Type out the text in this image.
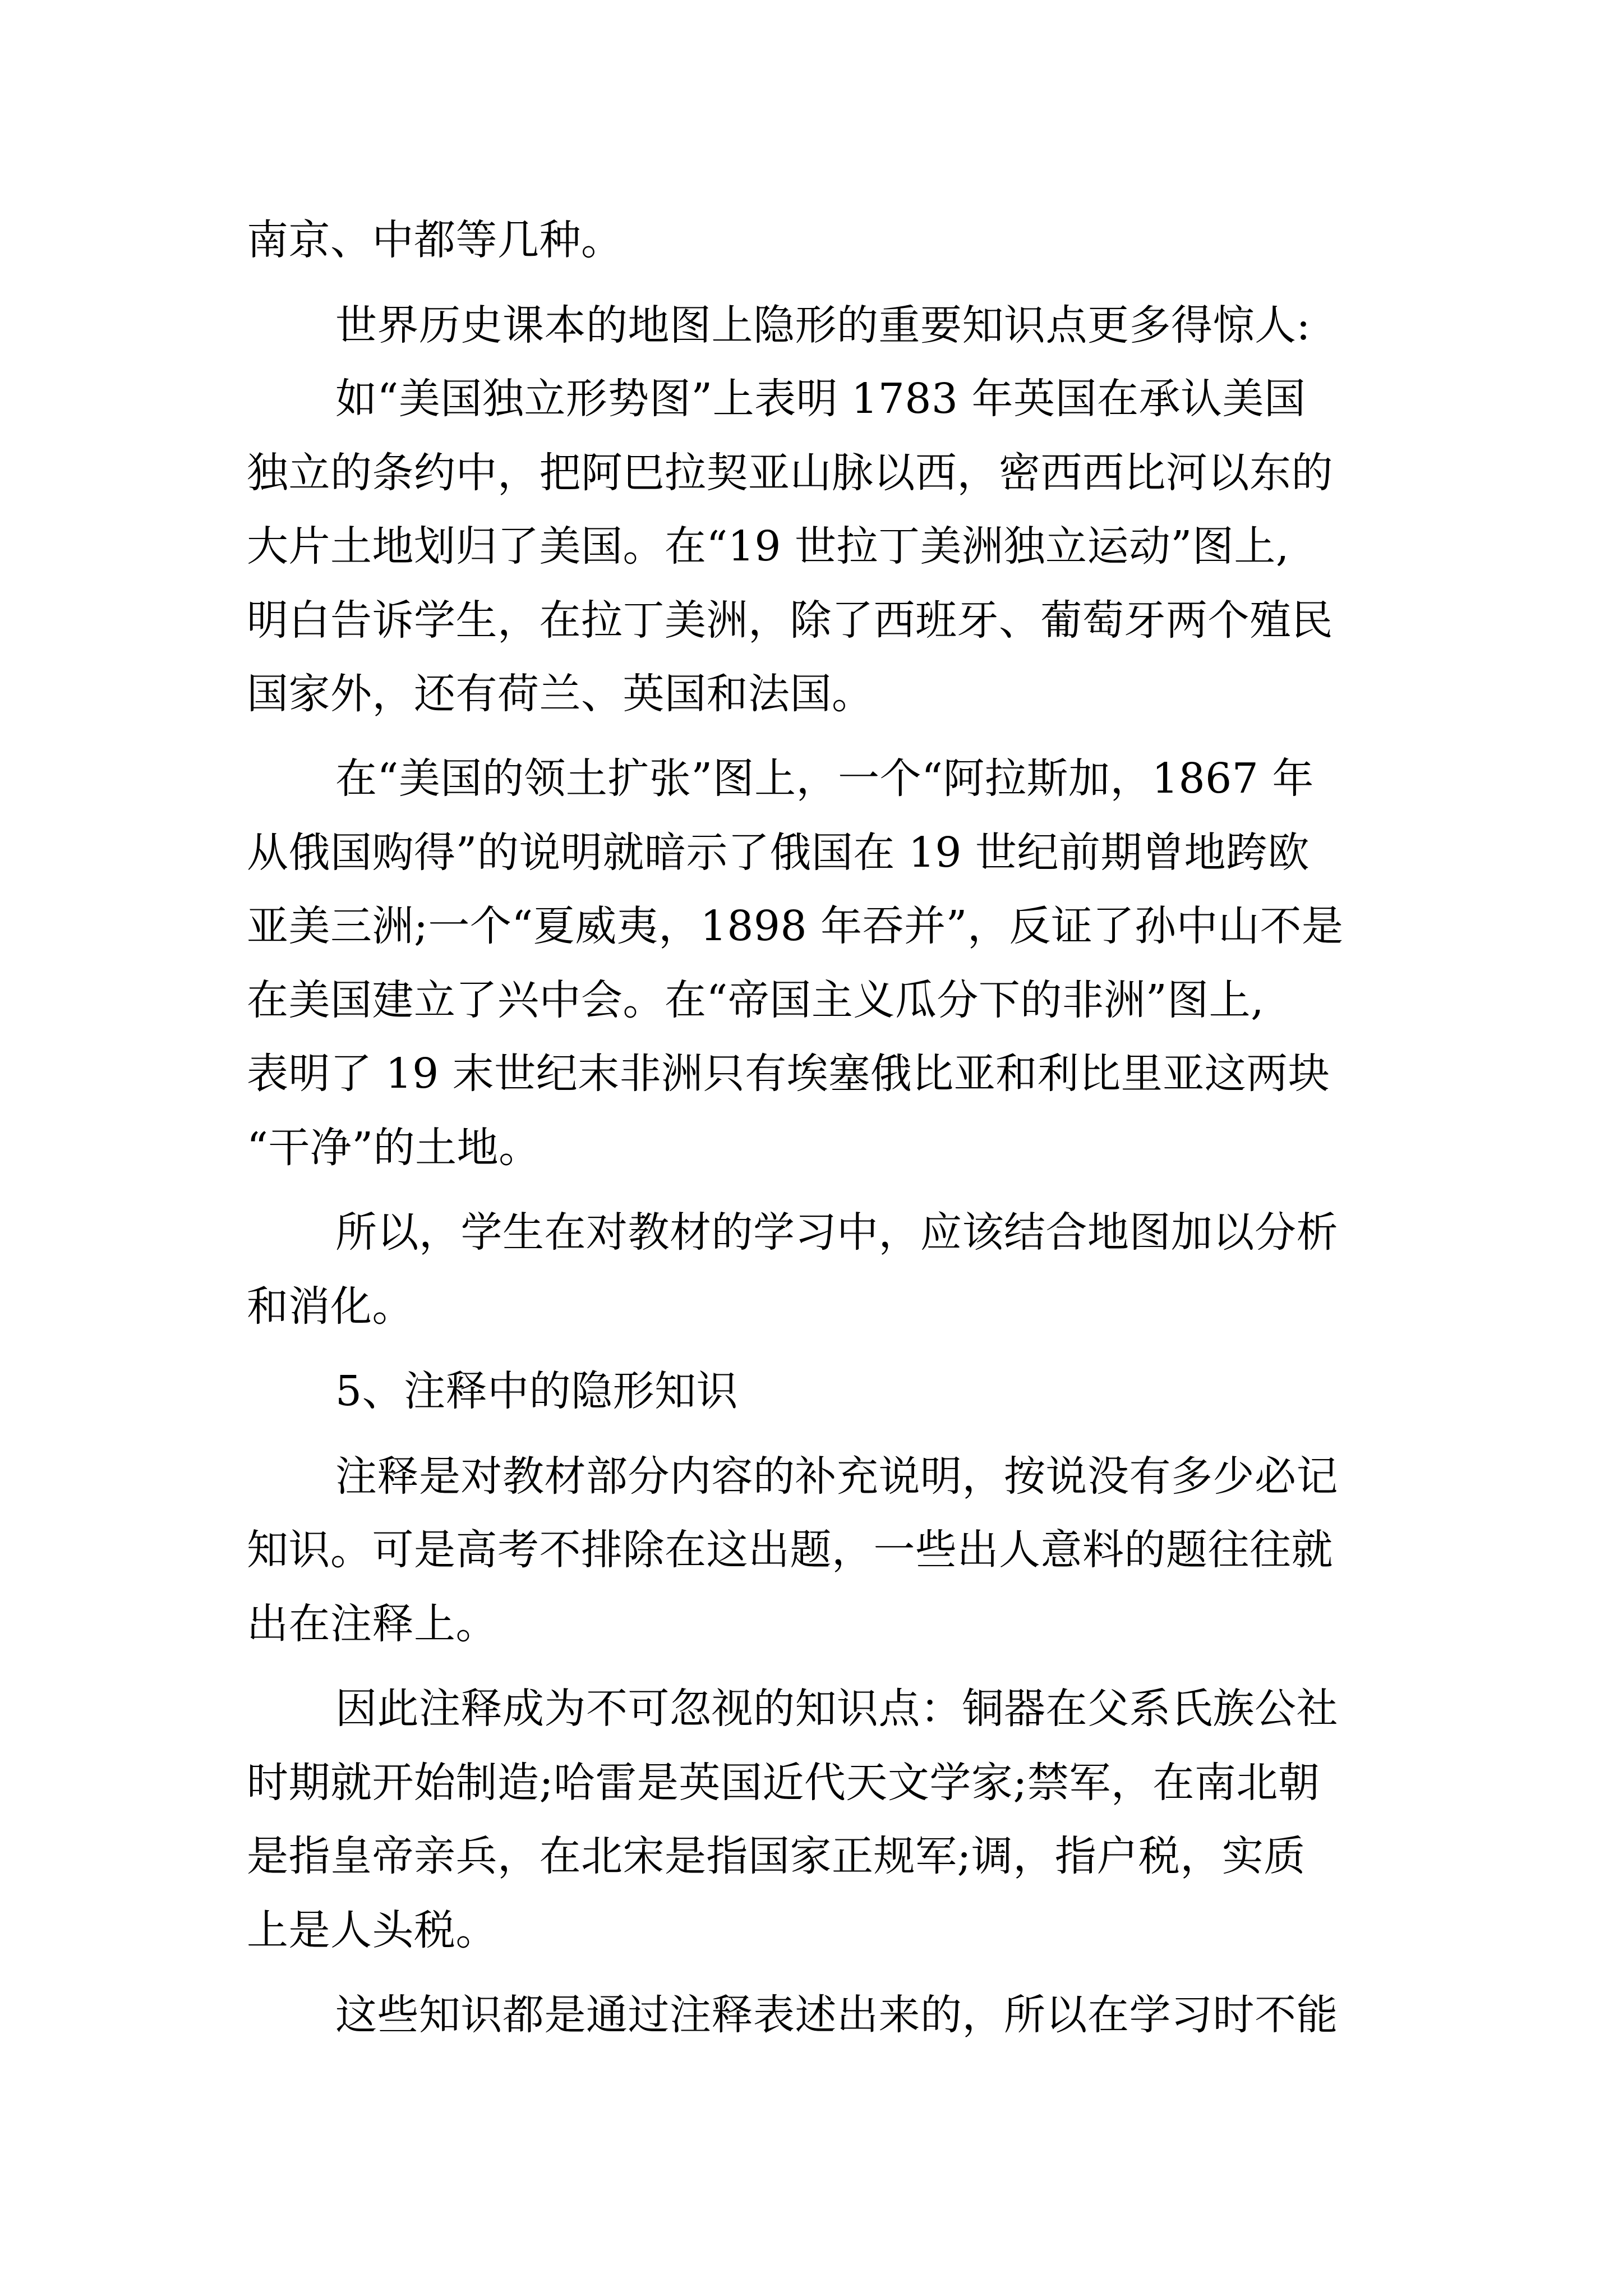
南京、中都等几种。

世界历史课本的地图上隐形的重要知识点更多得惊人:

如“美国独立形势图”上表明 1783 年英国在承认美国

独立的条约中，把阿巴拉契亚山脉以西，密西西比河以东的

大片土地划归了美国。在“19 世拉丁美洲独立运动”图上,

明白告诉学生，在拉丁美洲，除了西班牙、葡萄牙两个殖民

国家外，还有荷兰、英国和法国。

在“美国的领土扩张”图上，一个“阿拉斯加，1867 年

从俄国购得”的说明就暗示了俄国在 19 世纪前期曾地跨欧

亚美三洲;一个“夏威夷，1898 年吞并”，反证了孙中山不是

在美国建立了兴中会。在“帝国主义瓜分下的非洲”图上,

表明了 19 末世纪末非洲只有埃塞俄比亚和利比里亚这两块

“干净”的土地。

所以，学生在对教材的学习中，应该结合地图加以分析

和消化。

5、注释中的隐形知识

注释是对教材部分内容的补充说明，按说没有多少必记

知识。可是高考不排除在这出题，一些出人意料的题往往就

出在注释上。

因此注释成为不可忽视的知识点：铜器在父系氏族公社

时期就开始制造;哈雷是英国近代天文学家;禁军，在南北朝

是指皇帝亲兵，在北宋是指国家正规军;调，指户税，实质

上是人头税。

这些知识都是通过注释表述出来的，所以在学习时不能
